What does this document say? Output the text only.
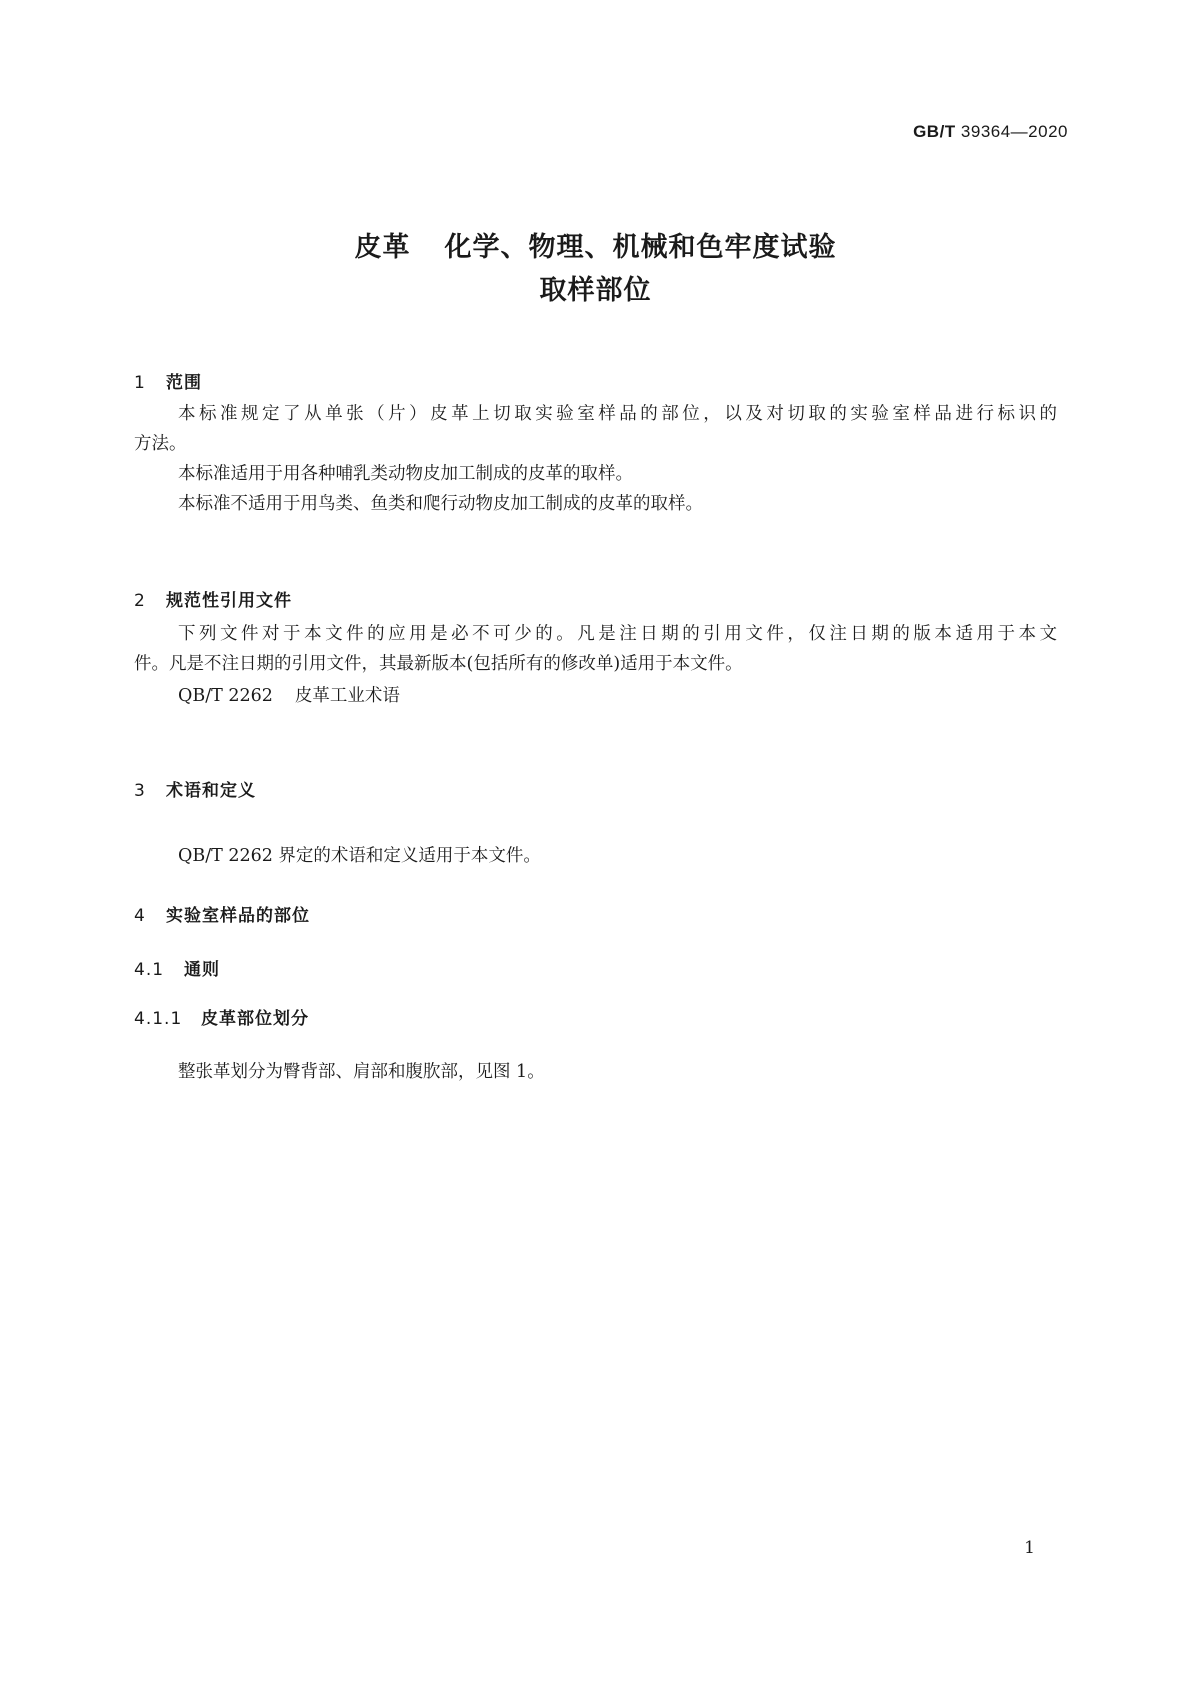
GB/T 39364—2020
皮革 化学、物理、机械和色牢度试验
取样部位
1 范围
本标准规定了从单张（片）皮革上切取实验室样品的部位，以及对切取的实验室样品进行标识的
方法。
本标准适用于用各种哺乳类动物皮加工制成的皮革的取样。
本标准不适用于用鸟类、鱼类和爬行动物皮加工制成的皮革的取样。
2 规范性引用文件
下列文件对于本文件的应用是必不可少的。凡是注日期的引用文件，仅注日期的版本适用于本文
件。凡是不注日期的引用文件，其最新版本(包括所有的修改单)适用于本文件。
QB/T 2262 皮革工业术语
3 术语和定义
QB/T 2262 界定的术语和定义适用于本文件。
4 实验室样品的部位
4.1 通则
4.1.1 皮革部位划分
整张革划分为臀背部、肩部和腹肷部，见图 1。
1
